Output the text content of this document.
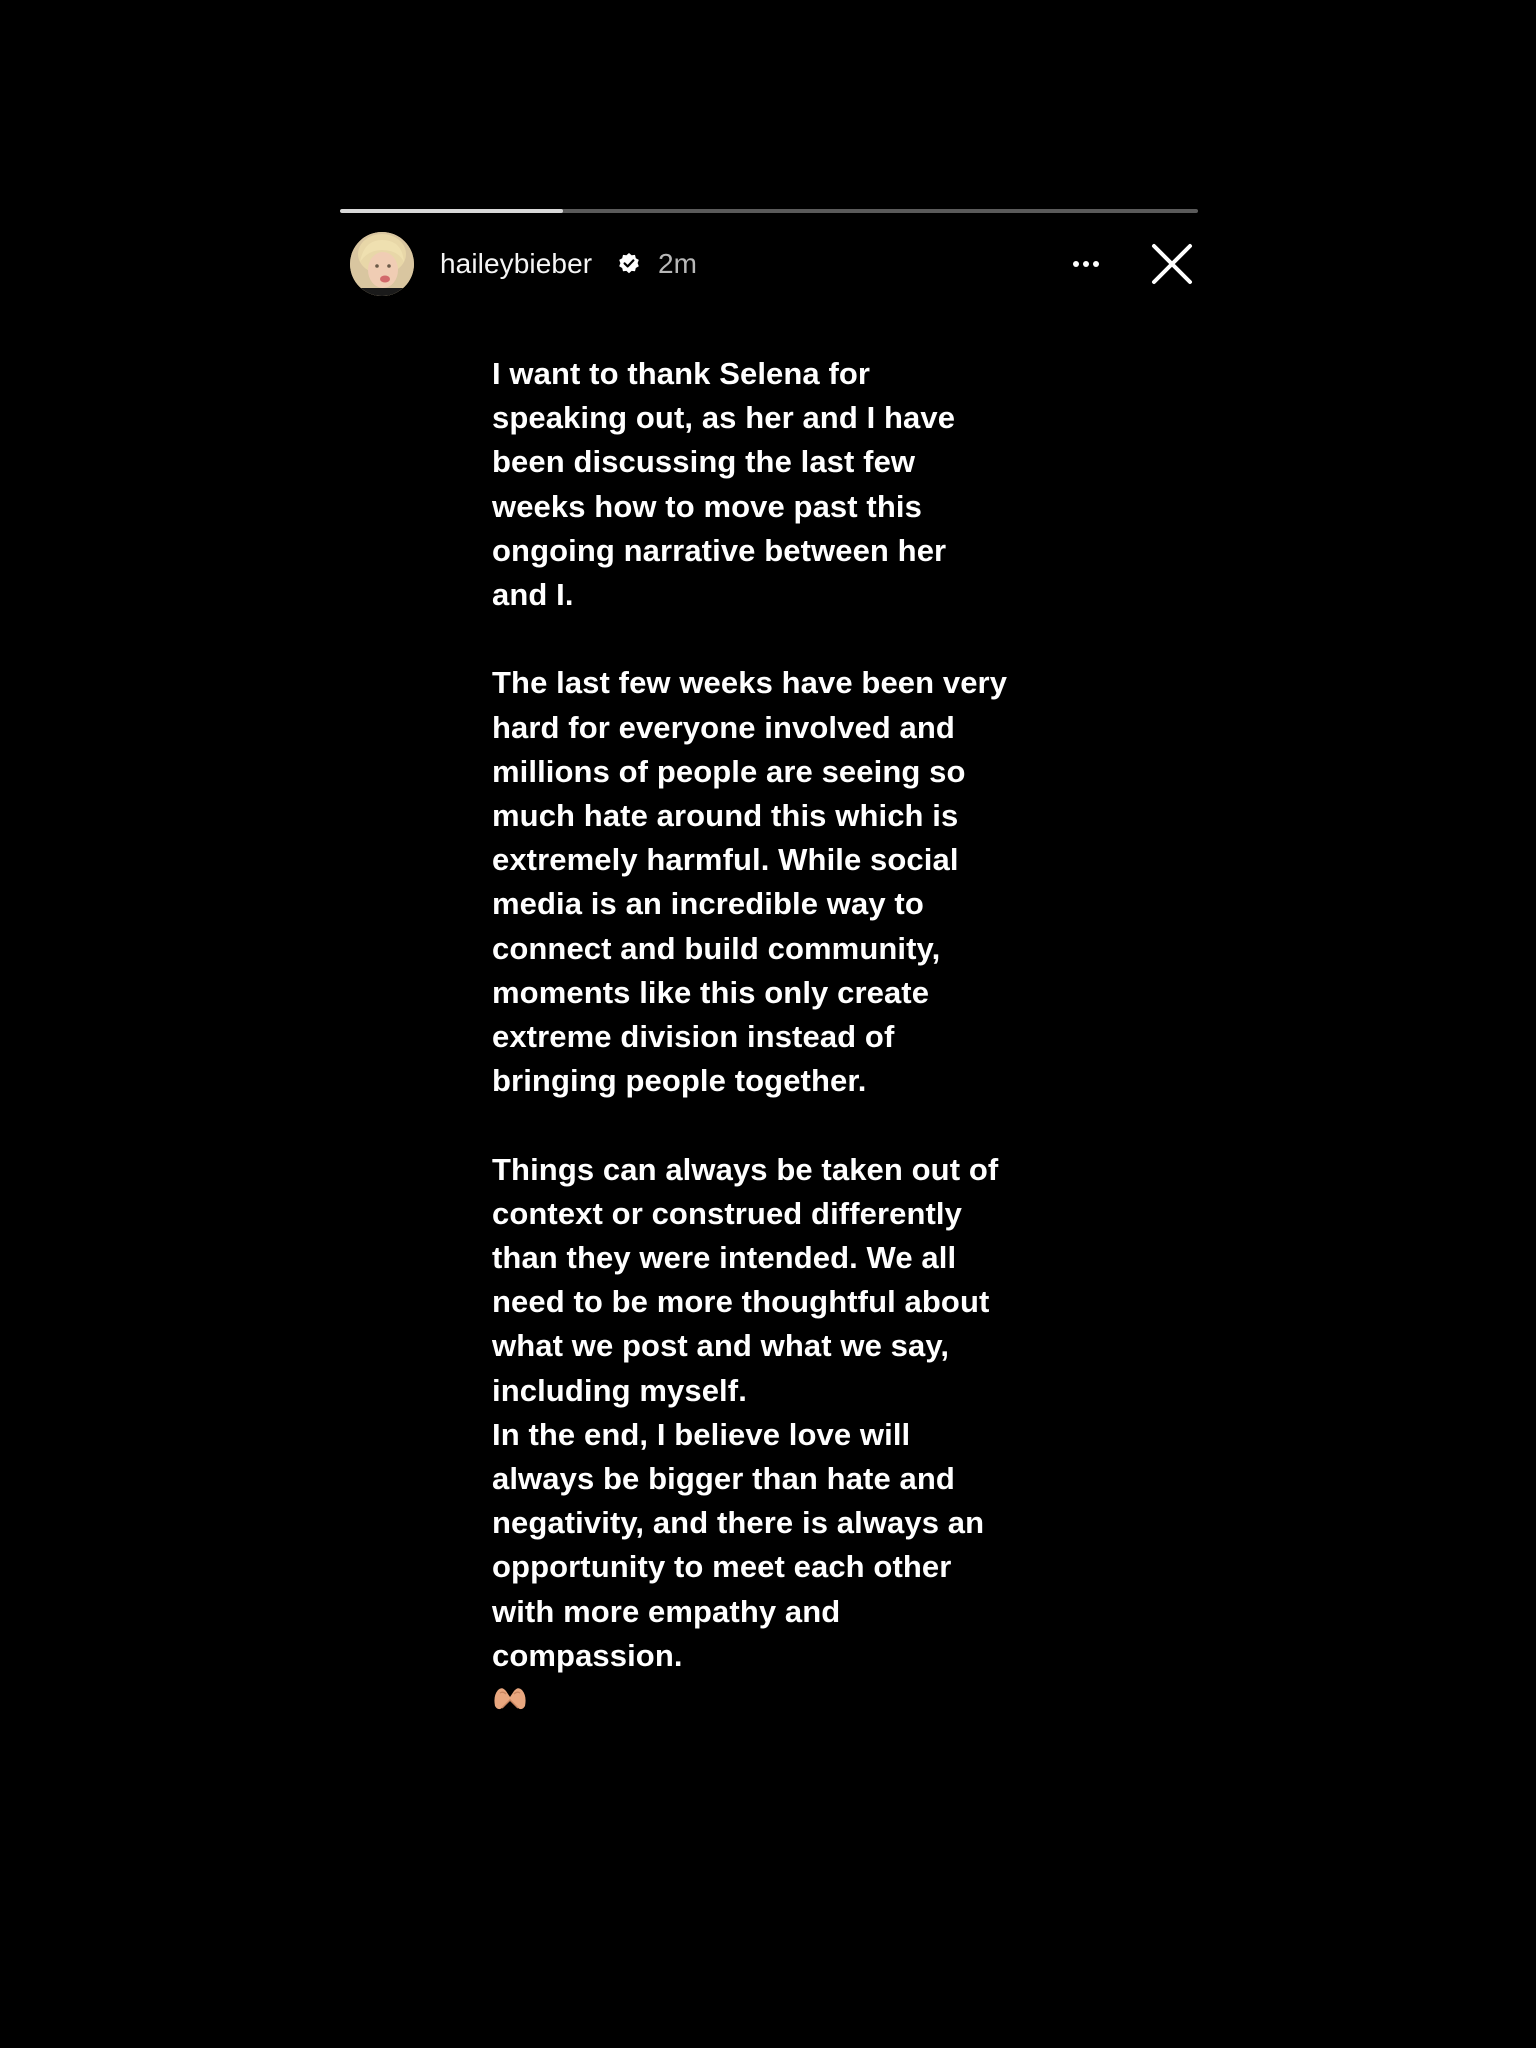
haileybieber 2m

I want to thank Selena for
speaking out, as her and I have
been discussing the last few
weeks how to move past this
ongoing narrative between her
and I.

The last few weeks have been very
hard for everyone involved and
millions of people are seeing so
much hate around this which is
extremely harmful. While social
media is an incredible way to
connect and build community,
moments like this only create
extreme division instead of
bringing people together.

Things can always be taken out of
context or construed differently
than they were intended. We all
need to be more thoughtful about
what we post and what we say,
including myself.
In the end, I believe love will
always be bigger than hate and
negativity, and there is always an
opportunity to meet each other
with more empathy and
compassion.
